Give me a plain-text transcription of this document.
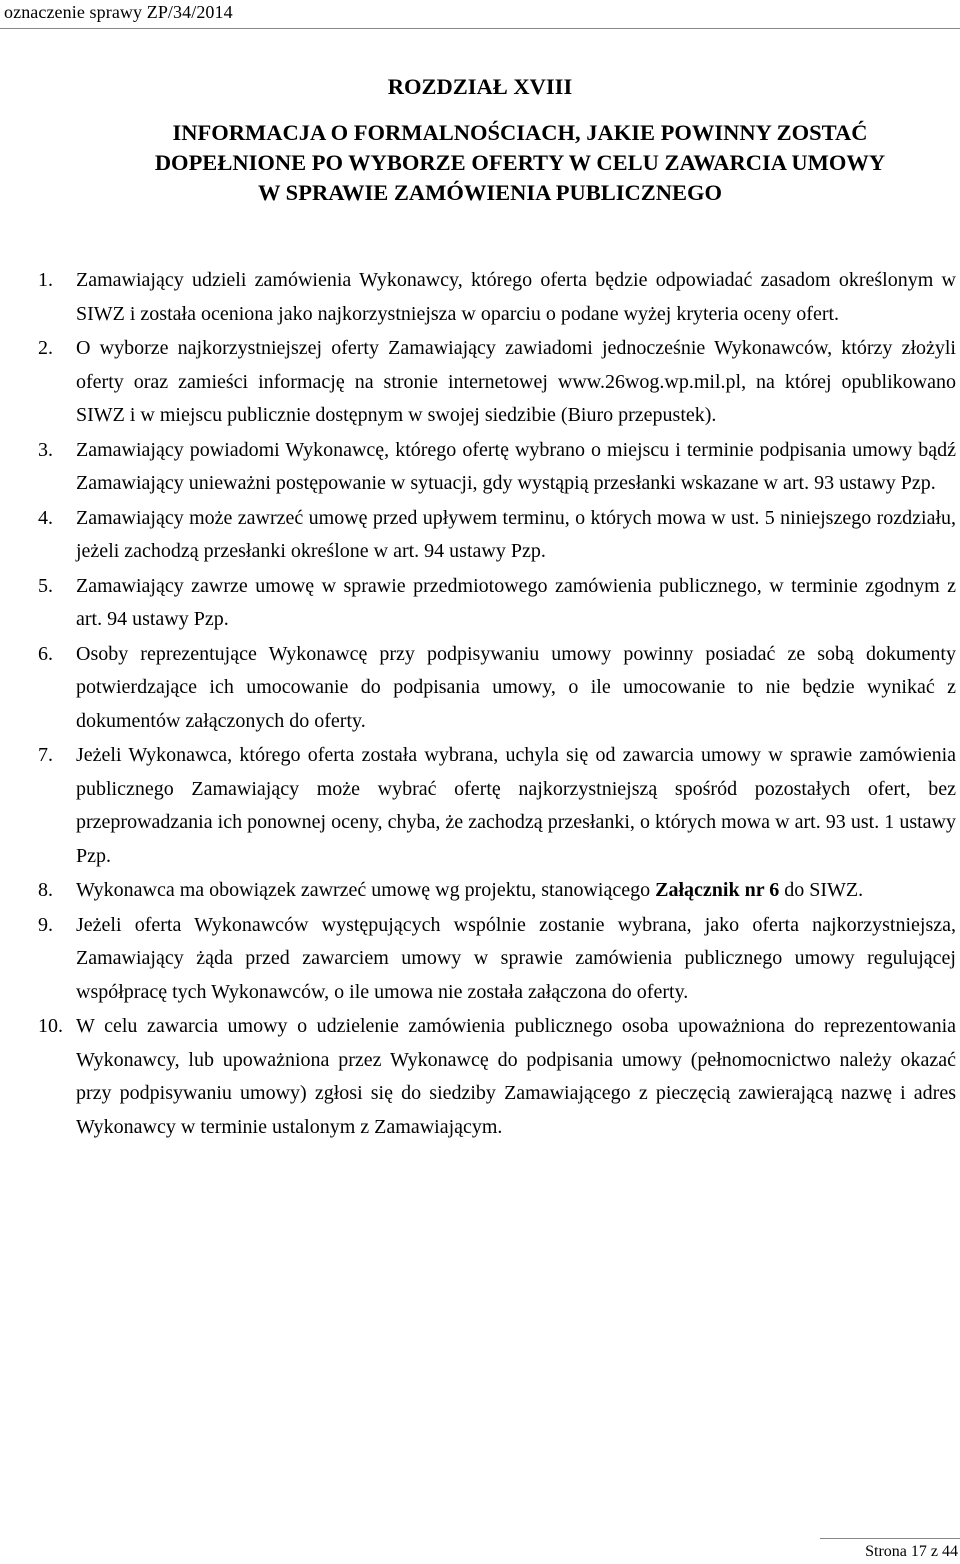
oznaczenie sprawy ZP/34/2014
ROZDZIAŁ XVIII
INFORMACJA O FORMALNOŚCIACH, JAKIE POWINNY ZOSTAĆ
DOPEŁNIONE PO WYBORZE OFERTY W CELU ZAWARCIA UMOWY
W SPRAWIE ZAMÓWIENIA PUBLICZNEGO
1.	Zamawiający udzieli zamówienia Wykonawcy, którego oferta będzie odpowiadać zasadom określonym w SIWZ i została oceniona jako najkorzystniejsza w oparciu o podane wyżej kryteria oceny ofert.
2.	O wyborze najkorzystniejszej oferty Zamawiający zawiadomi jednocześnie Wykonawców, którzy złożyli oferty oraz zamieści informację na stronie internetowej www.26wog.wp.mil.pl, na której opublikowano SIWZ i w miejscu publicznie dostępnym w swojej siedzibie (Biuro przepustek).
3.	Zamawiający powiadomi Wykonawcę, którego ofertę wybrano o miejscu i terminie podpisania umowy bądź Zamawiający unieważni postępowanie w sytuacji, gdy wystąpią przesłanki wskazane w art. 93 ustawy Pzp.
4.	Zamawiający może zawrzeć umowę przed upływem terminu, o których mowa w ust. 5 niniejszego rozdziału, jeżeli zachodzą przesłanki określone w art. 94 ustawy Pzp.
5.	Zamawiający zawrze umowę w sprawie przedmiotowego zamówienia publicznego, w terminie zgodnym z art. 94 ustawy Pzp.
6.	Osoby reprezentujące Wykonawcę przy podpisywaniu umowy powinny posiadać ze sobą dokumenty potwierdzające ich umocowanie do podpisania umowy, o ile umocowanie to nie będzie wynikać z dokumentów załączonych do oferty.
7.	Jeżeli Wykonawca, którego oferta została wybrana, uchyla się od zawarcia umowy w sprawie zamówienia publicznego Zamawiający może wybrać ofertę najkorzystniejszą spośród pozostałych ofert, bez przeprowadzania ich ponownej oceny, chyba, że zachodzą przesłanki, o których mowa w art. 93 ust. 1 ustawy Pzp.
8.	Wykonawca ma obowiązek zawrzeć umowę wg projektu, stanowiącego Załącznik nr 6 do SIWZ.
9.	Jeżeli oferta Wykonawców występujących wspólnie zostanie wybrana, jako oferta najkorzystniejsza, Zamawiający żąda przed zawarciem umowy w sprawie zamówienia publicznego umowy regulującej współpracę tych Wykonawców, o ile umowa nie została załączona do oferty.
10. W celu zawarcia umowy o udzielenie zamówienia publicznego osoba upoważniona do reprezentowania Wykonawcy, lub upoważniona przez Wykonawcę do podpisania umowy (pełnomocnictwo należy okazać przy podpisywaniu umowy) zgłosi się do siedziby Zamawiającego z pieczęcią zawierającą nazwę i adres Wykonawcy w terminie ustalonym z Zamawiającym.
Strona 17 z 44
